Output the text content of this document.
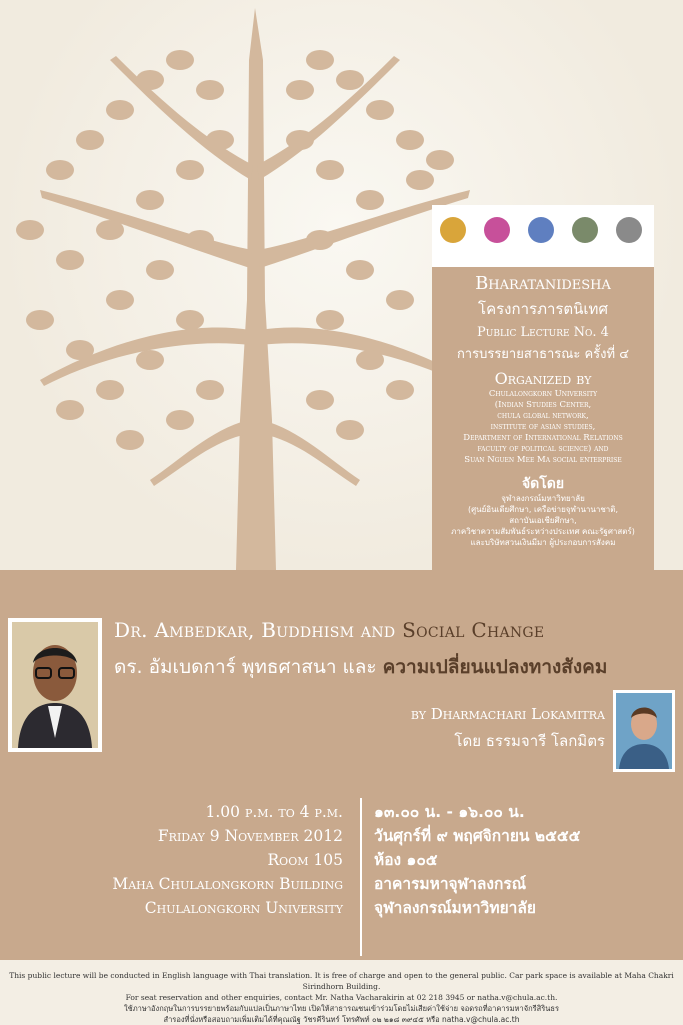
Bharatanidesha
โครงการภารตนิเทศ
Public Lecture No. 4
การบรรยายสาธารณะ ครั้งที่ ๔
Organized by
Chulalongkorn University
(Indian Studies Center,
chula global network,
institute of asian studies,
Department of International Relations
faculty of political science) and
Suan Nguen Mee Ma social enterprise
จัดโดย
จุฬาลงกรณ์มหาวิทยาลัย
(ศูนย์อินเดียศึกษา, เครือข่ายจุฬานานาชาติ,
สถาบันเอเชียศึกษา,
ภาควิชาความสัมพันธ์ระหว่างประเทศ คณะรัฐศาสตร์)
และบริษัทสวนเงินมีมา ผู้ประกอบการสังคม
Dr. Ambedkar, Buddhism and Social Change
ดร. อัมเบดการ์ พุทธศาสนา และ ความเปลี่ยนแปลงทางสังคม
by Dharmachari Lokamitra
โดย ธรรมจารี โลกมิตร
1.00 p.m. to 4 p.m.
Friday 9 November 2012
Room 105
Maha Chulalongkorn Building
Chulalongkorn University
๑๓.๐๐ น. - ๑๖.๐๐ น.
วันศุกร์ที่ ๙ พฤศจิกายน ๒๕๕๕
ห้อง ๑๐๕
อาคารมหาจุฬาลงกรณ์
จุฬาลงกรณ์มหาวิทยาลัย
This public lecture will be conducted in English language with Thai translation. It is free of charge and open to the general public. Car park space is available at Maha Chakri Sirindhorn Building.
For seat reservation and other enquiries, contact Mr. Natha Vacharakirin at 02 218 3945 or natha.v@chula.ac.th.
ใช้ภาษาอังกฤษในการบรรยายพร้อมกับแปลเป็นภาษาไทย เปิดให้สาธารณชนเข้าร่วมโดยไม่เสียค่าใช้จ่าย จอดรถที่อาคารมหาจักรีสิรินธร
สำรองที่นั่งหรือสอบถามเพิ่มเติมได้ที่คุณณัฐ วัชรคีรินทร์ โทรศัพท์ ๐๒ ๒๑๘ ๓๙๔๕ หรือ natha.v@chula.ac.th
